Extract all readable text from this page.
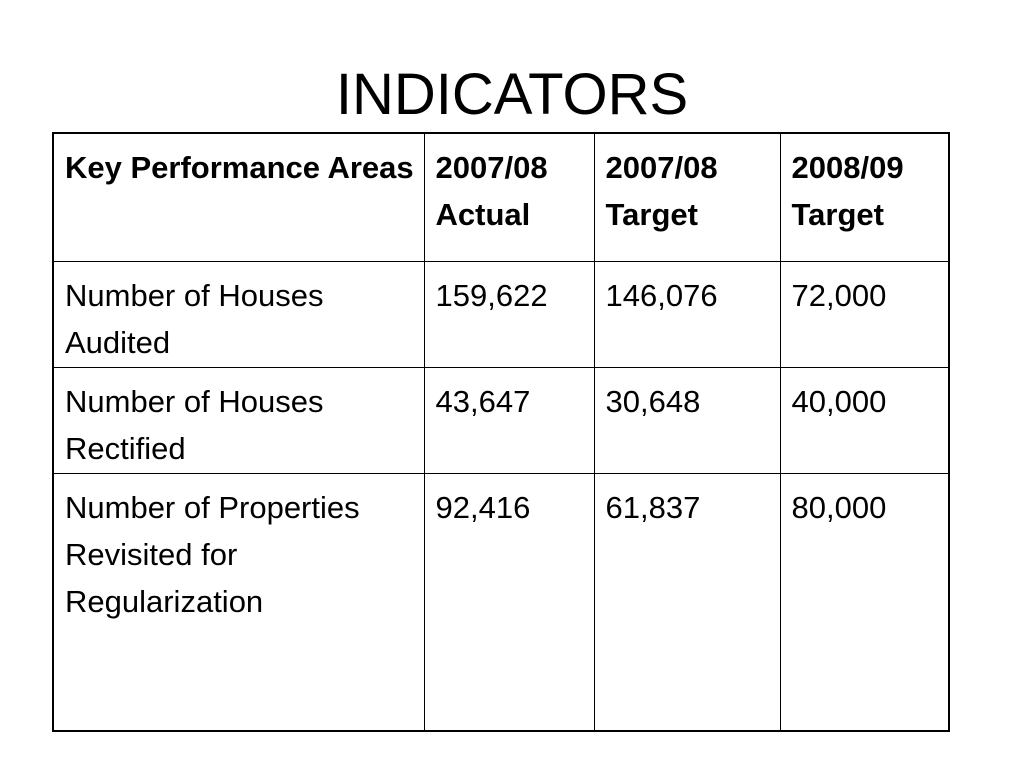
INDICATORS
Key Performance Areas	2007/08 Actual	2007/08 Target	2008/09 Target
Number of Houses Audited	159,622	146,076	72,000
Number of Houses Rectified	43,647	30,648	40,000
Number of Properties Revisited for Regularization	92,416	61,837	80,000
